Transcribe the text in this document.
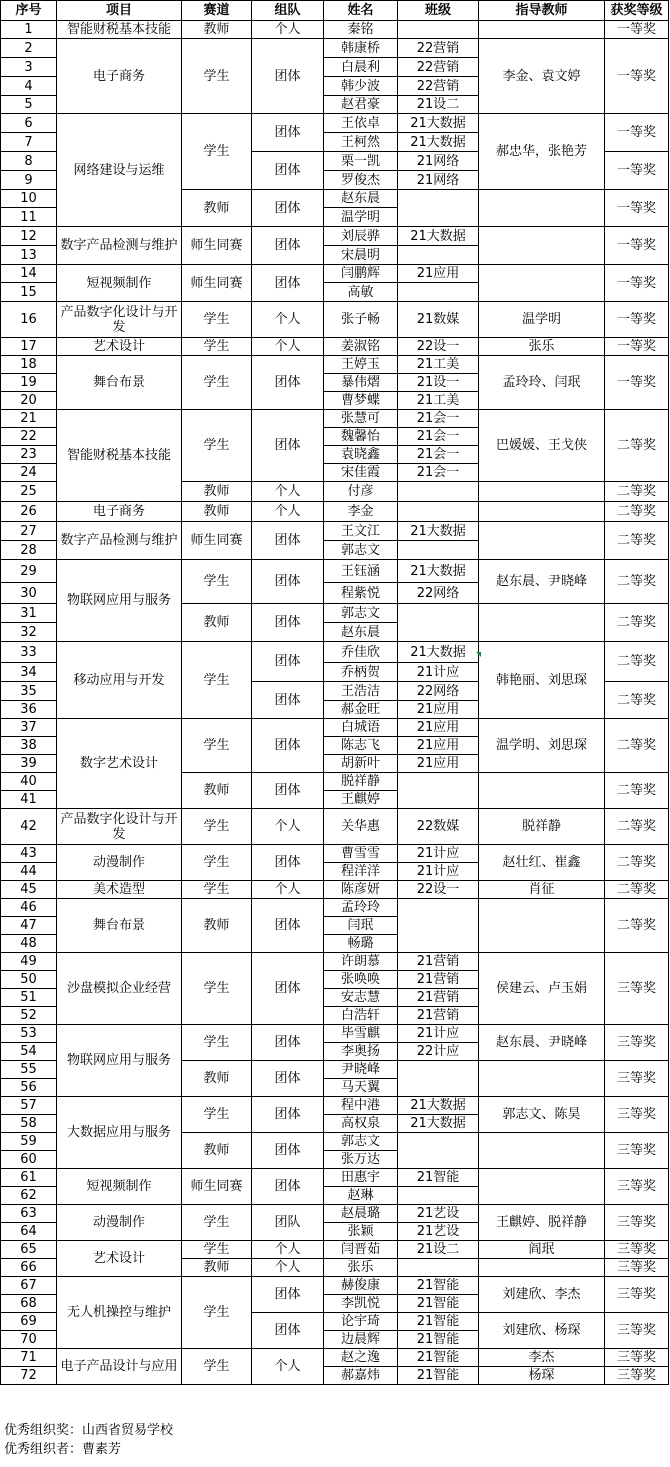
序号	项目	赛道	组队	姓名	班级	指导教师	获奖等级
1	智能财税基本技能	教师	个人	秦铭			一等奖
2	电子商务	学生	团体	韩康桥	22营销	李金、袁文婷	一等奖
3				白晨利	22营销		
4				韩少波	22营销		
5				赵君豪	21设二		
6	网络建设与运维	学生	团体	王依卓	21大数据	郝忠华，张艳芳	一等奖
7				王柯然	21大数据		
8			团体	栗一凯	21网络		一等奖
9				罗俊杰	21网络		
10		教师	团体	赵东晨			一等奖
11				温学明			
12	数字产品检测与维护	师生同赛	团体	刘辰骅	21大数据		一等奖
13				宋晨明			
14	短视频制作	师生同赛	团体	闫鹏辉	21应用		一等奖
15				高敏			
16	产品数字化设计与开发	学生	个人	张子畅	21数媒	温学明	一等奖
17	艺术设计	学生	个人	姜淑铭	22设一	张乐	一等奖
18	舞台布景	学生	团体	王婷玉	21工美	孟玲玲、闫珉	一等奖
19				暴伟熠	21设一		
20				曹梦蝶	21工美		
21	智能财税基本技能	学生	团体	张慧可	21会一	巴媛媛、王戈侠	二等奖
22				魏馨怡	21会一		
23				袁晓鑫	21会一		
24				宋佳霞	21会一		
25		教师	个人	付彦			二等奖
26	电子商务	教师	个人	李金			二等奖
27	数字产品检测与维护	师生同赛	团体	王文江	21大数据		二等奖
28				郭志文			
29	物联网应用与服务	学生	团体	王钰涵	21大数据	赵东晨、尹晓峰	二等奖
30				程紫悦	22网络		
31		教师	团体	郭志文			二等奖
32				赵东晨			
33	移动应用与开发	学生	团体	乔佳欣	21大数据	韩艳丽、刘思琛	二等奖
34				乔柄贺	21计应		
35			团体	王浩洁	22网络		二等奖
36				郝金旺	21应用		
37	数字艺术设计	学生	团体	白城语	21应用	温学明、刘思琛	二等奖
38				陈志飞	21应用		
39				胡新叶	21应用		
40		教师	团体	脱祥静			二等奖
41				王麒婷			
42	产品数字化设计与开发	学生	个人	关华惠	22数媒	脱祥静	二等奖
43	动漫制作	学生	团体	曹雪雪	21计应	赵壮红、崔鑫	二等奖
44				程洋洋	21计应		
45	美术造型	学生	个人	陈彦妍	22设一	肖征	二等奖
46	舞台布景	教师	团体	孟玲玲			二等奖
47				闫珉			
48				畅璐			
49	沙盘模拟企业经营	学生	团体	许朗慕	21营销	侯建云、卢玉娟	三等奖
50				张唤唤	21营销		
51				安志慧	21营销		
52				白浩轩	21营销		
53	物联网应用与服务	学生	团体	毕雪麒	21计应	赵东晨、尹晓峰	三等奖
54				李奥扬	22计应		
55		教师	团体	尹晓峰			三等奖
56				马天翼			
57	大数据应用与服务	学生	团体	程中港	21大数据	郭志文、陈昊	三等奖
58				高权泉	21大数据		
59		教师	团体	郭志文			三等奖
60				张万达			
61	短视频制作	师生同赛	团体	田惠宇	21智能		三等奖
62				赵琳			
63	动漫制作	学生	团队	赵晨璐	21艺设	王麒婷、脱祥静	三等奖
64				张颖	21艺设		
65	艺术设计	学生	个人	闫晋茹	21设二	阎珉	三等奖
66		教师	个人	张乐			三等奖
67	无人机操控与维护	学生	团体	赫俊康	21智能	刘建欣、李杰	三等奖
68				李凯悦	21智能		
69			团体	论宇琦	21智能	刘建欣、杨琛	三等奖
70				边晨辉	21智能		
71	电子产品设计与应用	学生	个人	赵之逸	21智能	李杰	三等奖
72				郝嘉炜	21智能	杨琛	三等奖
优秀组织奖：山西省贸易学校
优秀组织者：曹素芳
